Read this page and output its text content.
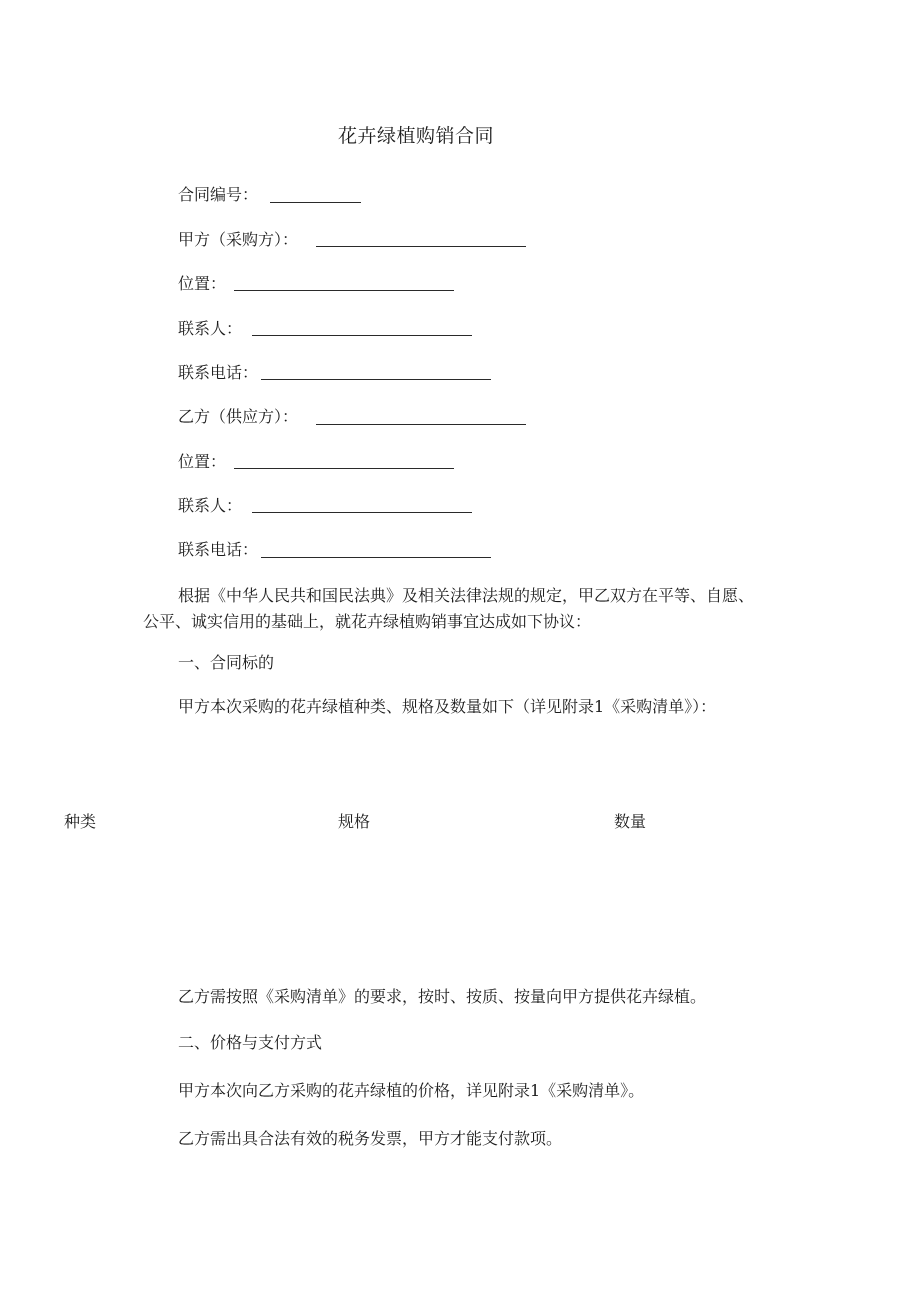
花卉绿植购销合同
合同编号：
甲方（采购方）：
位置：
联系人：
联系电话：
乙方（供应方）：
位置：
联系人：
联系电话：
根据《中华人民共和国民法典》及相关法律法规的规定，甲乙双方在平等、自愿、公平、诚实信用的基础上，就花卉绿植购销事宜达成如下协议：
一、合同标的
甲方本次采购的花卉绿植种类、规格及数量如下（详见附录1《采购清单》）：
种类	规格	数量
乙方需按照《采购清单》的要求，按时、按质、按量向甲方提供花卉绿植。
二、价格与支付方式
甲方本次向乙方采购的花卉绿植的价格，详见附录1《采购清单》。
乙方需出具合法有效的税务发票，甲方才能支付款项。
